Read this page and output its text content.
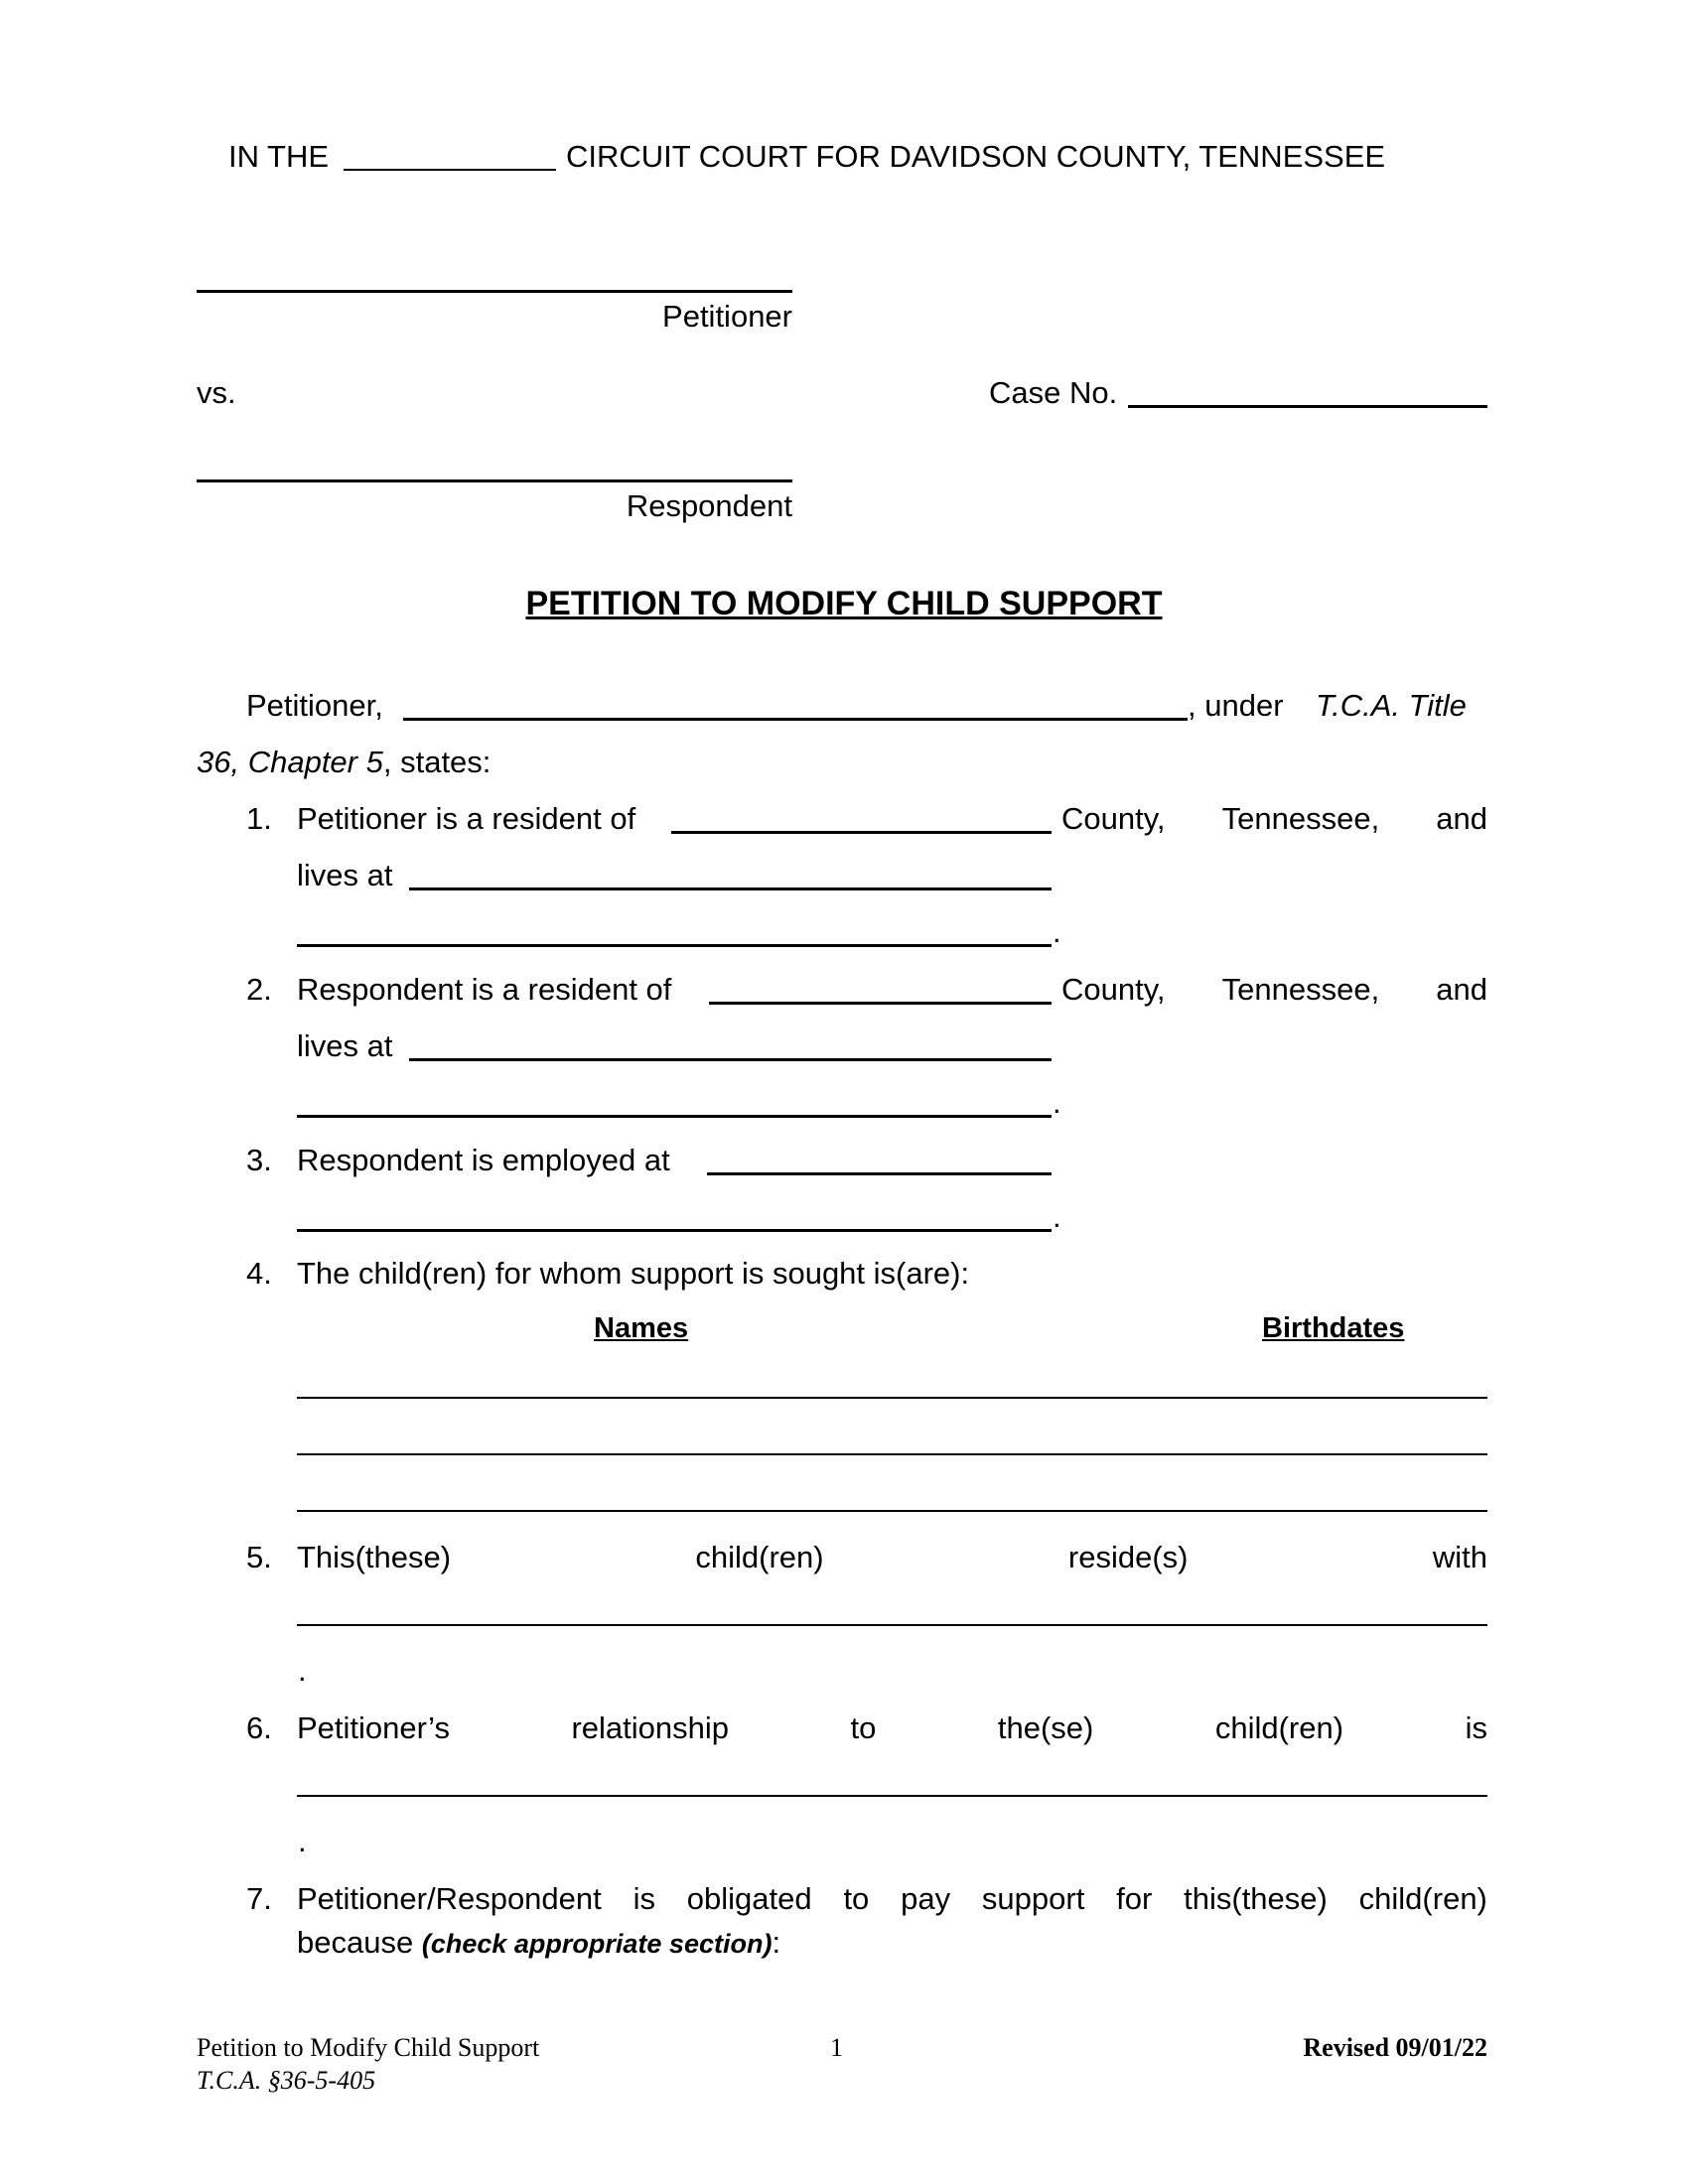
IN THE	CIRCUIT COURT FOR DAVIDSON COUNTY, TENNESSEE
Petitioner
vs.	Case No.
Respondent
PETITION TO MODIFY CHILD SUPPORT
Petitioner,	, under T.C.A. Title
36, Chapter 5, states:
1. Petitioner is a resident of	County, Tennessee, and
lives at
.
2. Respondent is a resident of	County, Tennessee, and
lives at
.
3. Respondent is employed at
.
4. The child(ren) for whom support is sought is(are):
Names	Birthdates
5. This(these)	child(ren)	reside(s)	with
.
6. Petitioner’s	relationship	to	the(se)	child(ren)	is
.
7. Petitioner/Respondent is obligated to pay support for this(these) child(ren)
because (check appropriate section):
Petition to Modify Child Support
T.C.A. §36-5-405
1	Revised 09/01/22
